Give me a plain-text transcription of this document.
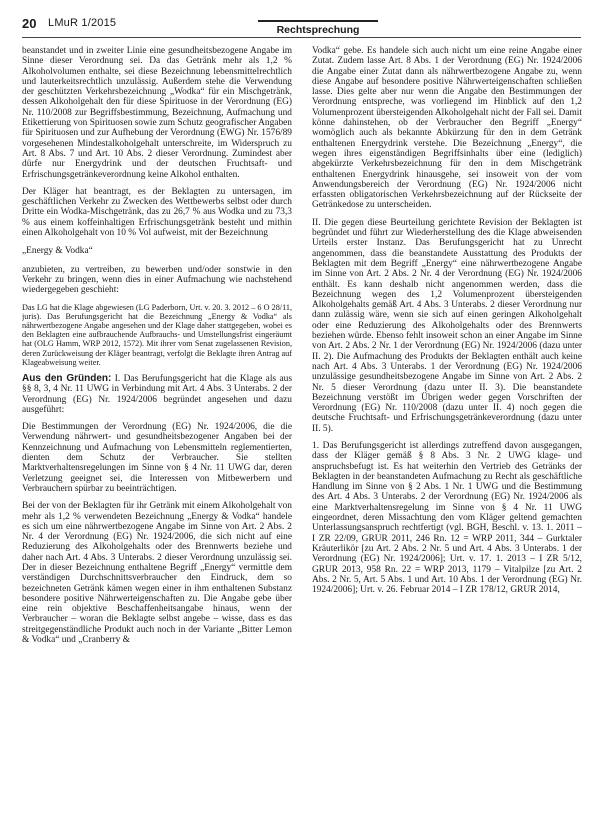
20 LMuR 1/2015
Rechtsprechung

beanstandet und in zweiter Linie eine gesundheitsbezogene Angabe im Sinne dieser Verordnung sei. Da das Getränk mehr als 1,2 % Alkoholvolumen enthalte, sei diese Bezeichnung lebensmittelrechtlich und lauterkeitsrechtlich unzulässig. Außerdem stehe die Verwendung der geschützten Verkehrsbezeichnung „Wodka“ für ein Mischgetränk, dessen Alkoholgehalt den für diese Spirituose in der Verordnung (EG) Nr. 110/2008 zur Begriffsbestimmung, Bezeichnung, Aufmachung und Etikettierung von Spirituosen sowie zum Schutz geografischer Angaben für Spirituosen und zur Aufhebung der Verordnung (EWG) Nr. 1576/89 vorgesehenen Mindestalkoholgehalt unterschreite, im Widerspruch zu Art. 8 Abs. 7 und Art. 10 Abs. 2 dieser Verordnung. Zumindest aber dürfe nur Energydrink und der deutschen Fruchtsaft- und Erfrischungsgetränkeverordnung keine Alkohol enthalten.

Der Kläger hat beantragt, es der Beklagten zu untersagen, im geschäftlichen Verkehr zu Zwecken des Wettbewerbs selbst oder durch Dritte ein Wodka-Mischgetränk, das zu 26,7 % aus Wodka und zu 73,3 % aus einem koffeinhaltigen Erfrischungsgetränk besteht und mithin einen Alkoholgehalt von 10 % Vol aufweist, mit der Bezeichnung

„Energy & Vodka“

anzubieten, zu vertreiben, zu bewerben und/oder sonstwie in den Verkehr zu bringen, wenn dies in einer Aufmachung wie nachstehend wiedergegeben geschieht:

Das LG hat die Klage abgewiesen (LG Paderborn, Urt. v. 20. 3. 2012 – 6 O 28/11, juris). Das Berufungsgericht hat die Bezeichnung „Energy & Vodka“ als nährwertbezogene Angabe angesehen und der Klage daher stattgegeben, wobei es den Beklagten eine aufbrauchende Aufbrauchs- und Umstellungsfrist eingeräumt hat (OLG Hamm, WRP 2012, 1572). Mit ihrer vom Senat zugelassenen Revision, deren Zurückweisung der Kläger beantragt, verfolgt die Beklagte ihren Antrag auf Klageabweisung weiter.

Aus den Gründen: I. Das Berufungsgericht hat die Klage als aus §§ 8, 3, 4 Nr. 11 UWG in Verbindung mit Art. 4 Abs. 3 Unterabs. 2 der Verordnung (EG) Nr. 1924/2006 begründet angesehen und dazu ausgeführt:

Die Bestimmungen der Verordnung (EG) Nr. 1924/2006, die die Verwendung nährwert- und gesundheitsbezogener Angaben bei der Kennzeichnung und Aufmachung von Lebensmitteln reglementierten, dienten dem Schutz der Verbraucher. Sie stellten Marktverhaltensregelungen im Sinne von § 4 Nr. 11 UWG dar, deren Verletzung geeignet sei, die Interessen von Mitbewerbern und Verbrauchern spürbar zu beeinträchtigen.

Bei der von der Beklagten für ihr Getränk mit einem Alkoholgehalt von mehr als 1,2 % verwendeten Bezeichnung „Energy & Vodka“ handele es sich um eine nährwertbezogene Angabe im Sinne von Art. 2 Abs. 2 Nr. 4 der Verordnung (EG) Nr. 1924/2006, die sich nicht auf eine Reduzierung des Alkoholgehalts oder des Brennwerts beziehe und daher nach Art. 4 Abs. 3 Unterabs. 2 dieser Verordnung unzulässig sei. Der in dieser Bezeichnung enthaltene Begriff „Energy“ vermittle dem verständigen Durchschnittsverbraucher den Eindruck, dem so bezeichneten Getränk kämen wegen einer in ihm enthaltenen Substanz besondere positive Nährwerteigenschaften zu. Die Angabe gebe über eine rein objektive Beschaffenheitsangabe hinaus, wenn der Verbraucher – woran die Beklagte selbst angebe – wisse, dass es das streitgegenständliche Produkt auch noch in der Variante „Bitter Lemon & Vodka“ und „Cranberry &

Vodka“ gebe. Es handele sich auch nicht um eine reine Angabe einer Zutat. Zudem lasse Art. 8 Abs. 1 der Verordnung (EG) Nr. 1924/2006 die Angabe einer Zutat dann als nährwertbezogene Angabe zu, wenn diese Angabe auf besondere positive Nährwerteigenschaften schließen lasse. Dies gelte aber nur wenn die Angabe den Bestimmungen der Verordnung entspreche, was vorliegend im Hinblick auf den 1,2 Volumenprozent übersteigenden Alkoholgehalt nicht der Fall sei. Damit könne dahinstehen, ob der Verbraucher den Begriff „Energy“ womöglich auch als bekannte Abkürzung für den in dem Getränk enthaltenen Energydrink verstehe. Die Bezeichnung „Energy“, die wegen ihres eigenständigen Begriffsinhalts über eine (lediglich) abgekürzte Verkehrsbezeichnung für den in dem Mischgetränk enthaltenen Energydrink hinausgehe, sei insoweit von der vom Anwendungsbereich der Verordnung (EG) Nr. 1924/2006 nicht erfassten obligatorischen Verkehrsbezeichnung auf der Rückseite der Getränkedose zu unterscheiden.

II. Die gegen diese Beurteilung gerichtete Revision der Beklagten ist begründet und führt zur Wiederherstellung des die Klage abweisenden Urteils erster Instanz. Das Berufungsgericht hat zu Unrecht angenommen, dass die beanstandete Ausstattung des Produkts der Beklagten mit dem Begriff „Energy“ eine nährwertbezogene Angabe im Sinne von Art. 2 Abs. 2 Nr. 4 der Verordnung (EG) Nr. 1924/2006 enthält. Es kann deshalb nicht angenommen werden, dass die Bezeichnung wegen des 1,2 Volumenprozent übersteigenden Alkoholgehalts gemäß Art. 4 Abs. 3 Unterabs. 2 dieser Verordnung nur dann zulässig wäre, wenn sie sich auf einen geringen Alkoholgehalt oder eine Reduzierung des Alkoholgehalts oder des Brennwerts beziehen würde. Ebenso fehlt insoweit schon an einer Angabe im Sinne von Art. 2 Abs. 2 Nr. 1 der Verordnung (EG) Nr. 1924/2006 (dazu unter II. 2). Die Aufmachung des Produkts der Beklagten enthält auch keine nach Art. 4 Abs. 3 Unterabs. 1 der Verordnung (EG) Nr. 1924/2006 unzulässige gesundheitsbezogene Angabe im Sinne von Art. 2 Abs. 2 Nr. 5 dieser Verordnung (dazu unter II. 3). Die beanstandete Bezeichnung verstößt im Übrigen weder gegen Vorschriften der Verordnung (EG) Nr. 110/2008 (dazu unter II. 4) noch gegen die deutsche Fruchtsaft- und Erfrischungsgetränkeverordnung (dazu unter II. 5).

1. Das Berufungsgericht ist allerdings zutreffend davon ausgegangen, dass der Kläger gemäß § 8 Abs. 3 Nr. 2 UWG klage- und anspruchsbefugt ist. Es hat weiterhin den Vertrieb des Getränks der Beklagten in der beanstandeten Aufmachung zu Recht als geschäftliche Handlung im Sinne von § 2 Abs. 1 Nr. 1 UWG und die Bestimmung des Art. 4 Abs. 3 Unterabs. 2 der Verordnung (EG) Nr. 1924/2006 als eine Marktverhaltensregelung im Sinne von § 4 Nr. 11 UWG eingeordnet, deren Missachtung den vom Kläger geltend gemachten Unterlassungsanspruch rechtfertigt (vgl. BGH, Beschl. v. 13. 1. 2011 – I ZR 22/09, GRUR 2011, 246 Rn. 12 = WRP 2011, 344 – Gurktaler Kräuterlikör [zu Art. 2 Abs. 2 Nr. 5 und Art. 4 Abs. 3 Unterabs. 1 der Verordnung (EG) Nr. 1924/2006]; Urt. v. 17. 1. 2013 – I ZR 5/12, GRUR 2013, 958 Rn. 22 = WRP 2013, 1179 – Vitalpilze [zu Art. 2 Abs. 2 Nr. 5, Art. 5 Abs. 1 und Art. 10 Abs. 1 der Verordnung (EG) Nr. 1924/2006]; Urt. v. 26. Februar 2014 – I ZR 178/12, GRUR 2014,
